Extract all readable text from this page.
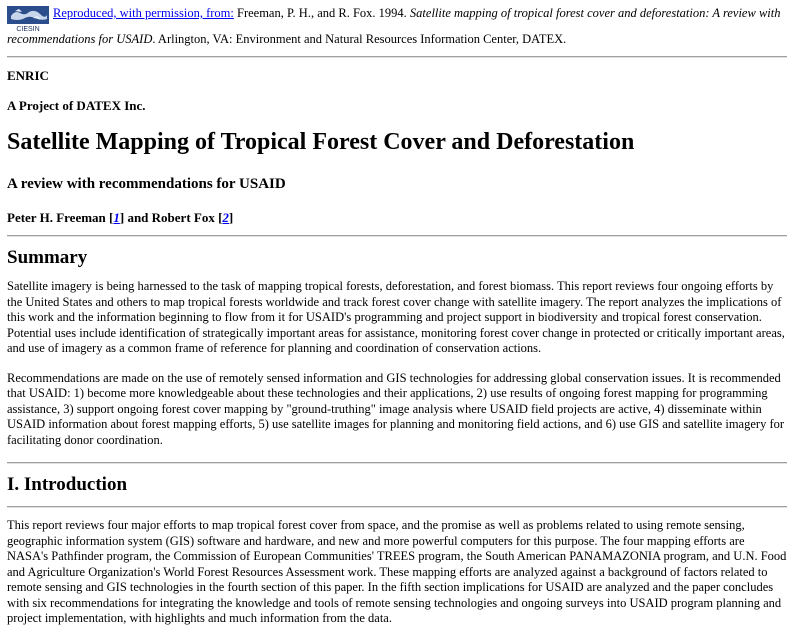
CIESIN
Reproduced, with permission, from: Freeman, P. H., and R. Fox. 1994. Satellite mapping of tropical forest cover and deforestation: A review with recommendations for USAID. Arlington, VA: Environment and Natural Resources Information Center, DATEX.

ENRIC

A Project of DATEX Inc.

Satellite Mapping of Tropical Forest Cover and Deforestation
A review with recommendations for USAID

Peter H. Freeman [1] and Robert Fox [2]

Summary

Satellite imagery is being harnessed to the task of mapping tropical forests, deforestation, and forest biomass. This report reviews four ongoing efforts by the United States and others to map tropical forests worldwide and track forest cover change with satellite imagery. The report analyzes the implications of this work and the information beginning to flow from it for USAID's programming and project support in biodiversity and tropical forest conservation. Potential uses include identification of strategically important areas for assistance, monitoring forest cover change in protected or critically important areas, and use of imagery as a common frame of reference for planning and coordination of conservation actions.

Recommendations are made on the use of remotely sensed information and GIS technologies for addressing global conservation issues. It is recommended that USAID: 1) become more knowledgeable about these technologies and their applications, 2) use results of ongoing forest mapping for programming assistance, 3) support ongoing forest cover mapping by "ground-truthing" image analysis where USAID field projects are active, 4) disseminate within USAID information about forest mapping efforts, 5) use satellite images for planning and monitoring field actions, and 6) use GIS and satellite imagery for facilitating donor coordination.

I. Introduction

This report reviews four major efforts to map tropical forest cover from space, and the promise as well as problems related to using remote sensing, geographic information system (GIS) software and hardware, and new and more powerful computers for this purpose. The four mapping efforts are NASA's Pathfinder program, the Commission of European Communities' TREES program, the South American PANAMAZONIA program, and U.N. Food and Agriculture Organization's World Forest Resources Assessment work. These mapping efforts are analyzed against a background of factors related to remote sensing and GIS technologies in the fourth section of this paper. In the fifth section implications for USAID are analyzed and the paper concludes with six recommendations for integrating the knowledge and tools of remote sensing technologies and ongoing surveys into USAID program planning and project implementation, with highlights and much information from the data.
